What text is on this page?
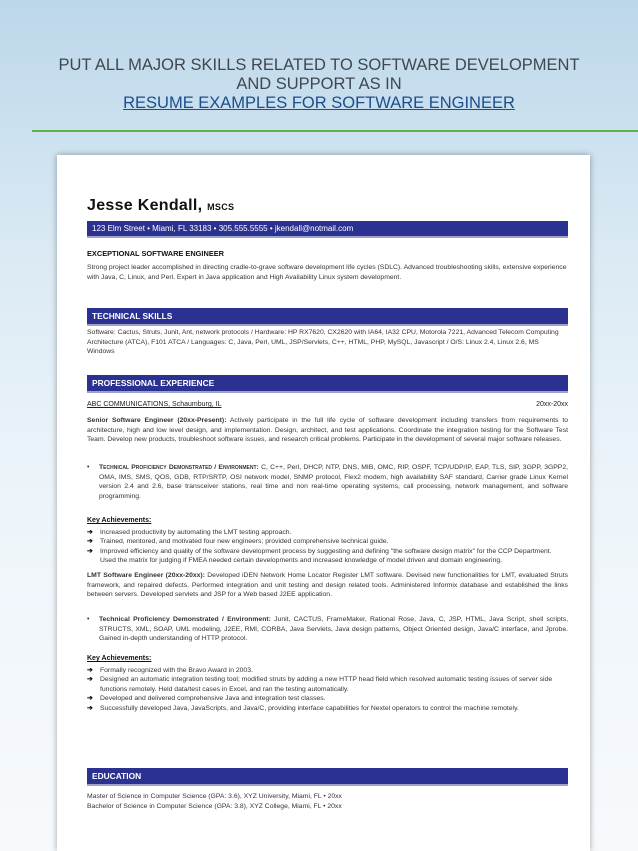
PUT ALL MAJOR SKILLS RELATED TO SOFTWARE DEVELOPMENT
AND SUPPORT AS IN
RESUME EXAMPLES FOR SOFTWARE ENGINEER
Jesse Kendall, MSCS
123 Elm Street • Miami, FL 33183 • 305.555.5555 • jkendall@notmail.com
EXCEPTIONAL SOFTWARE ENGINEER
Strong project leader accomplished in directing cradle-to-grave software development life cycles (SDLC). Advanced troubleshooting skills, extensive experience with Java, C, Linux, and Perl. Expert in Java application and High Availability Linux system development.
TECHNICAL SKILLS
Software: Cactus, Struts, Junit, Ant, network protocols / Hardware: HP RX7620, CX2620 with IA64, IA32 CPU, Motorola 7221, Advanced Telecom Computing Architecture (ATCA), F101 ATCA / Languages: C, Java, Perl, UML, JSP/Servlets, C++, HTML, PHP, MySQL, Javascript / O/S: Linux 2.4, Linux 2.6, MS Windows
PROFESSIONAL EXPERIENCE
ABC COMMUNICATIONS, Schaumburg, IL	20xx-20xx
Senior Software Engineer (20xx-Present): Actively participate in the full life cycle of software development including transfers from requirements to architecture, high and low level design, and implementation. Design, architect, and test applications. Coordinate the integration testing for the Software Test Team. Develop new products, troubleshoot software issues, and research critical problems. Participate in the development of several major software releases.
•	Technical Proficiency Demonstrated / Environment: C, C++, Perl, DHCP, NTP, DNS, MIB, OMC, RIP, OSPF, TCP/UDP/IP, EAP, TLS, SIP, 3GPP, 3GPP2, OMA, IMS, SMS, QOS, GDB, RTP/SRTP, OSI network model, SNMP protocol, Flex2 modem, high availability SAF standard, Carrier grade Linux Kernel version 2.4 and 2.6, base transceiver stations, real time and non real-time operating systems, call processing, network management, and software programming.
Key Achievements:
➔	Increased productivity by automating the LMT testing approach.
➔	Trained, mentored, and motivated four new engineers; provided comprehensive technical guide.
➔	Improved efficiency and quality of the software development process by suggesting and defining "the software design matrix" for the CCP Department. Used the matrix for judging if FMEA needed certain developments and increased knowledge of model driven and domain engineering.
LMT Software Engineer (20xx-20xx): Developed iDEN Network Home Locator Register LMT software. Devised new functionalities for LMT, evaluated Struts framework, and repaired defects. Performed integration and unit testing and design related tools. Administered Informix database and established the links between servers. Developed servlets and JSP for a Web based J2EE application.
•	Technical Proficiency Demonstrated / Environment: Junit, CACTUS, FrameMaker, Rational Rose, Java, C, JSP, HTML, Java Script, shell scripts, STRUCTS, XML, SOAP, UML modeling, J2EE, RMI, CORBA, Java Servlets, Java design patterns, Object Oriented design, Java/C interface, and Jprobe. Gained in-depth understanding of HTTP protocol.
Key Achievements:
➔	Formally recognized with the Bravo Award in 2003.
➔	Designed an automatic integration testing tool; modified struts by adding a new HTTP head field which resolved automatic testing issues of server side functions remotely. Held data/test cases in Excel, and ran the testing automatically.
➔	Developed and delivered comprehensive Java and integration test classes.
➔	Successfully developed Java, JavaScripts, and Java/C, providing interface capabilities for Nextel operators to control the machine remotely.
EDUCATION
Master of Science in Computer Science (GPA: 3.6), XYZ University, Miami, FL • 20xx
Bachelor of Science in Computer Science (GPA: 3.8), XYZ College, Miami, FL • 20xx
